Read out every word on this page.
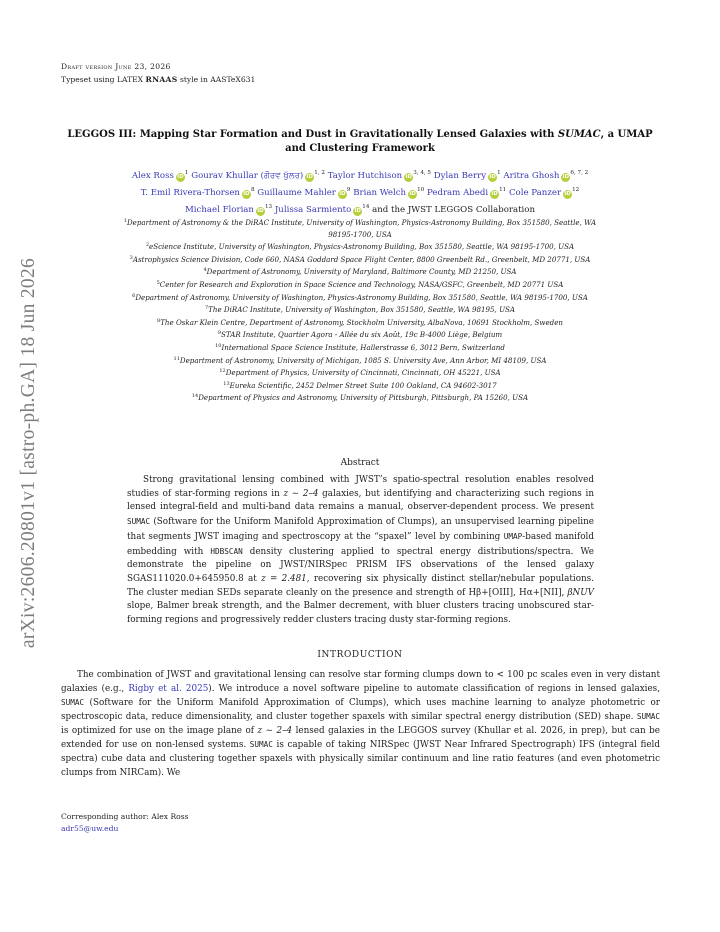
arXiv:2606.20801v1 [astro-ph.GA] 18 Jun 2026
Draft version June 23, 2026
Typeset using LATEX RNAAS style in AASTeX631
LEGGOS III: Mapping Star Formation and Dust in Gravitationally Lensed Galaxies with SUMAC, a UMAP and Clustering Framework
Alex Ross $iD^1$ Gourav Khullar (ਗੌਰਵ ਖੁੱਲਰ) iD$^{1, 2}$ Taylor Hutchison iD$^{3, 4, 5}$ Dylan Berry $iD^1$ Aritra Ghosh iD$^{6, 7, 2}$
T. Emil Rivera-Thorsen $iD^8$ Guillaume Mahler $iD^9$ Brian Welch $iD^{10}$ Pedram Abedi $iD^{11}$ Cole Panzer $iD^{12}$
Michael Florian $iD^{13}$ Julissa Sarmiento $iD^{14}$ and the JWST LEGGOS Collaboration
$^1$Department of Astronomy & the DiRAC Institute, University of Washington, Physics-Astronomy Building, Box 351580, Seattle, WA
98195-1700, USA
$^2$eScience Institute, University of Washington, Physics-Astronomy Building, Box 351580, Seattle, WA 98195-1700, USA
$^3$Astrophysics Science Division, Code 660, NASA Goddard Space Flight Center, 8800 Greenbelt Rd., Greenbelt, MD 20771, USA
$^4$Department of Astronomy, University of Maryland, Baltimore County, MD 21250, USA
$^5$Center for Research and Exploration in Space Science and Technology, NASA/GSFC, Greenbelt, MD 20771 USA
$^6$Department of Astronomy, University of Washington, Physics-Astronomy Building, Box 351580, Seattle, WA 98195-1700, USA
$^7$The DiRAC Institute, University of Washington, Box 351580, Seattle, WA 98195, USA
$^8$The Oskar Klein Centre, Department of Astronomy, Stockholm University, AlbaNova, 10691 Stockholm, Sweden
$^9$STAR Institute, Quartier Agora - Allée du six Août, 19c B-4000 Liège, Belgium
$^{10}$International Space Science Institute, Hallerstrasse 6, 3012 Bern, Switzerland
$^{11}$Department of Astronomy, University of Michigan, 1085 S. University Ave, Ann Arbor, MI 48109, USA
$^{12}$Department of Physics, University of Cincinnati, Cincinnati, OH 45221, USA
$^{13}$Eureka Scientific, 2452 Delmer Street Suite 100 Oakland, CA 94602-3017
$^{14}$Department of Physics and Astronomy, University of Pittsburgh, Pittsburgh, PA 15260, USA
Abstract
Strong gravitational lensing combined with JWST’s spatio-spectral resolution enables resolved studies of star-forming regions in z ∼ 2–4 galaxies, but identifying and characterizing such regions in lensed integral-field and multi-band data remains a manual, observer-dependent process. We present SUMAC (Software for the Uniform Manifold Approximation of Clumps), an unsupervised learning pipeline that segments JWST imaging and spectroscopy at the “spaxel” level by combining UMAP-based manifold embedding with HDBSCAN density clustering applied to spectral energy distributions/spectra. We demonstrate the pipeline on JWST/NIRSpec PRISM IFS observations of the lensed galaxy SGAS111020.0+645950.8 at z = 2.481, recovering six physically distinct stellar/nebular populations. The cluster median SEDs separate cleanly on the presence and strength of Hβ+[OIII], Hα+[NII], βNUV slope, Balmer break strength, and the Balmer decrement, with bluer clusters tracing unobscured star-forming regions and progressively redder clusters tracing dusty star-forming regions.
INTRODUCTION
The combination of JWST and gravitational lensing can resolve star forming clumps down to < 100 pc scales even in very distant galaxies (e.g., Rigby et al. 2025). We introduce a novel software pipeline to automate classification of regions in lensed galaxies, SUMAC (Software for the Uniform Manifold Approximation of Clumps), which uses machine learning to analyze photometric or spectroscopic data, reduce dimensionality, and cluster together spaxels with similar spectral energy distribution (SED) shape. SUMAC is optimized for use on the image plane of z ∼ 2–4 lensed galaxies in the LEGGOS survey (Khullar et al. 2026, in prep), but can be extended for use on non-lensed systems. SUMAC is capable of taking NIRSpec (JWST Near Infrared Spectrograph) IFS (integral field spectra) cube data and clustering together spaxels with physically similar continuum and line ratio features (and even photometric clumps from NIRCam). We
Corresponding author: Alex Ross
adr55@uw.edu
